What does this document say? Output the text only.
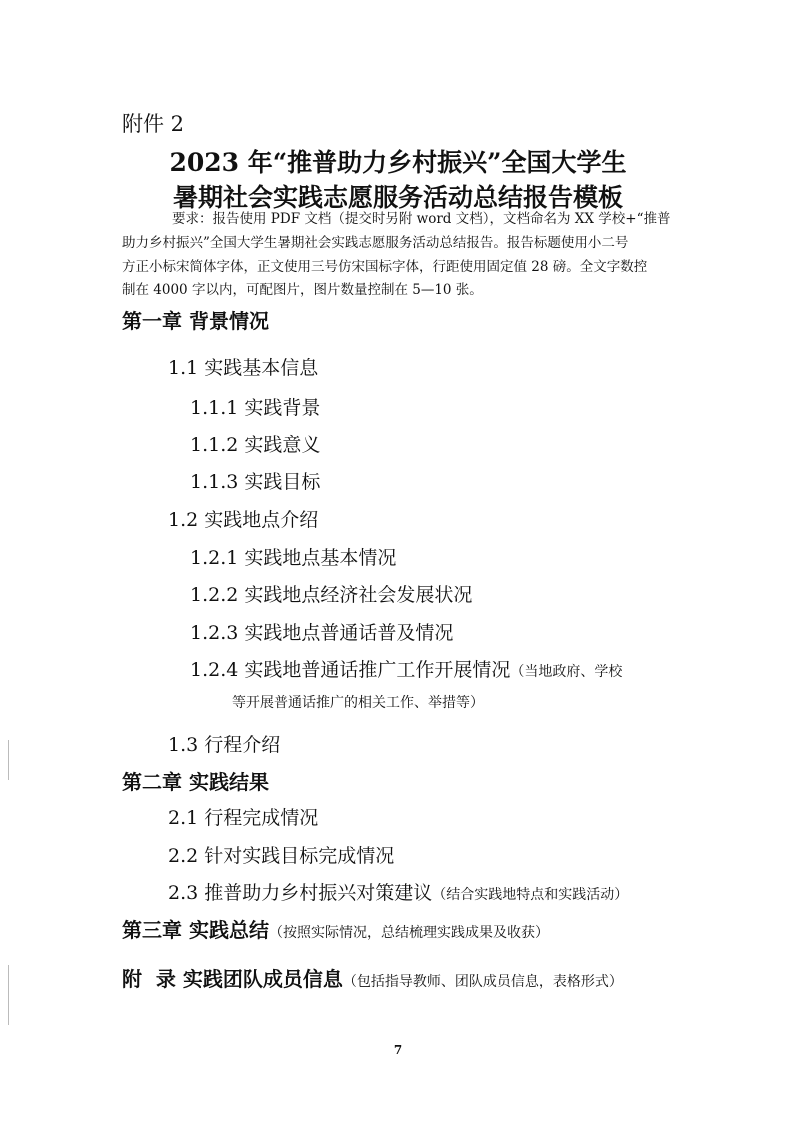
附件 2
2023 年“推普助力乡村振兴”全国大学生
暑期社会实践志愿服务活动总结报告模板
要求：报告使用 PDF 文档（提交时另附 word 文档），文档命名为 XX 学校+“推普
助力乡村振兴”全国大学生暑期社会实践志愿服务活动总结报告。报告标题使用小二号
方正小标宋简体字体，正文使用三号仿宋国标字体，行距使用固定值 28 磅。全文字数控
制在 4000 字以内，可配图片，图片数量控制在 5—10 张。
第一章 背景情况
1.1 实践基本信息
1.1.1 实践背景
1.1.2 实践意义
1.1.3 实践目标
1.2 实践地点介绍
1.2.1 实践地点基本情况
1.2.2 实践地点经济社会发展状况
1.2.3 实践地点普通话普及情况
1.2.4 实践地普通话推广工作开展情况（当地政府、学校
等开展普通话推广的相关工作、举措等）
1.3 行程介绍
第二章 实践结果
2.1 行程完成情况
2.2 针对实践目标完成情况
2.3 推普助力乡村振兴对策建议（结合实践地特点和实践活动）
第三章 实践总结（按照实际情况，总结梳理实践成果及收获）
附  录 实践团队成员信息（包括指导教师、团队成员信息，表格形式）
7
